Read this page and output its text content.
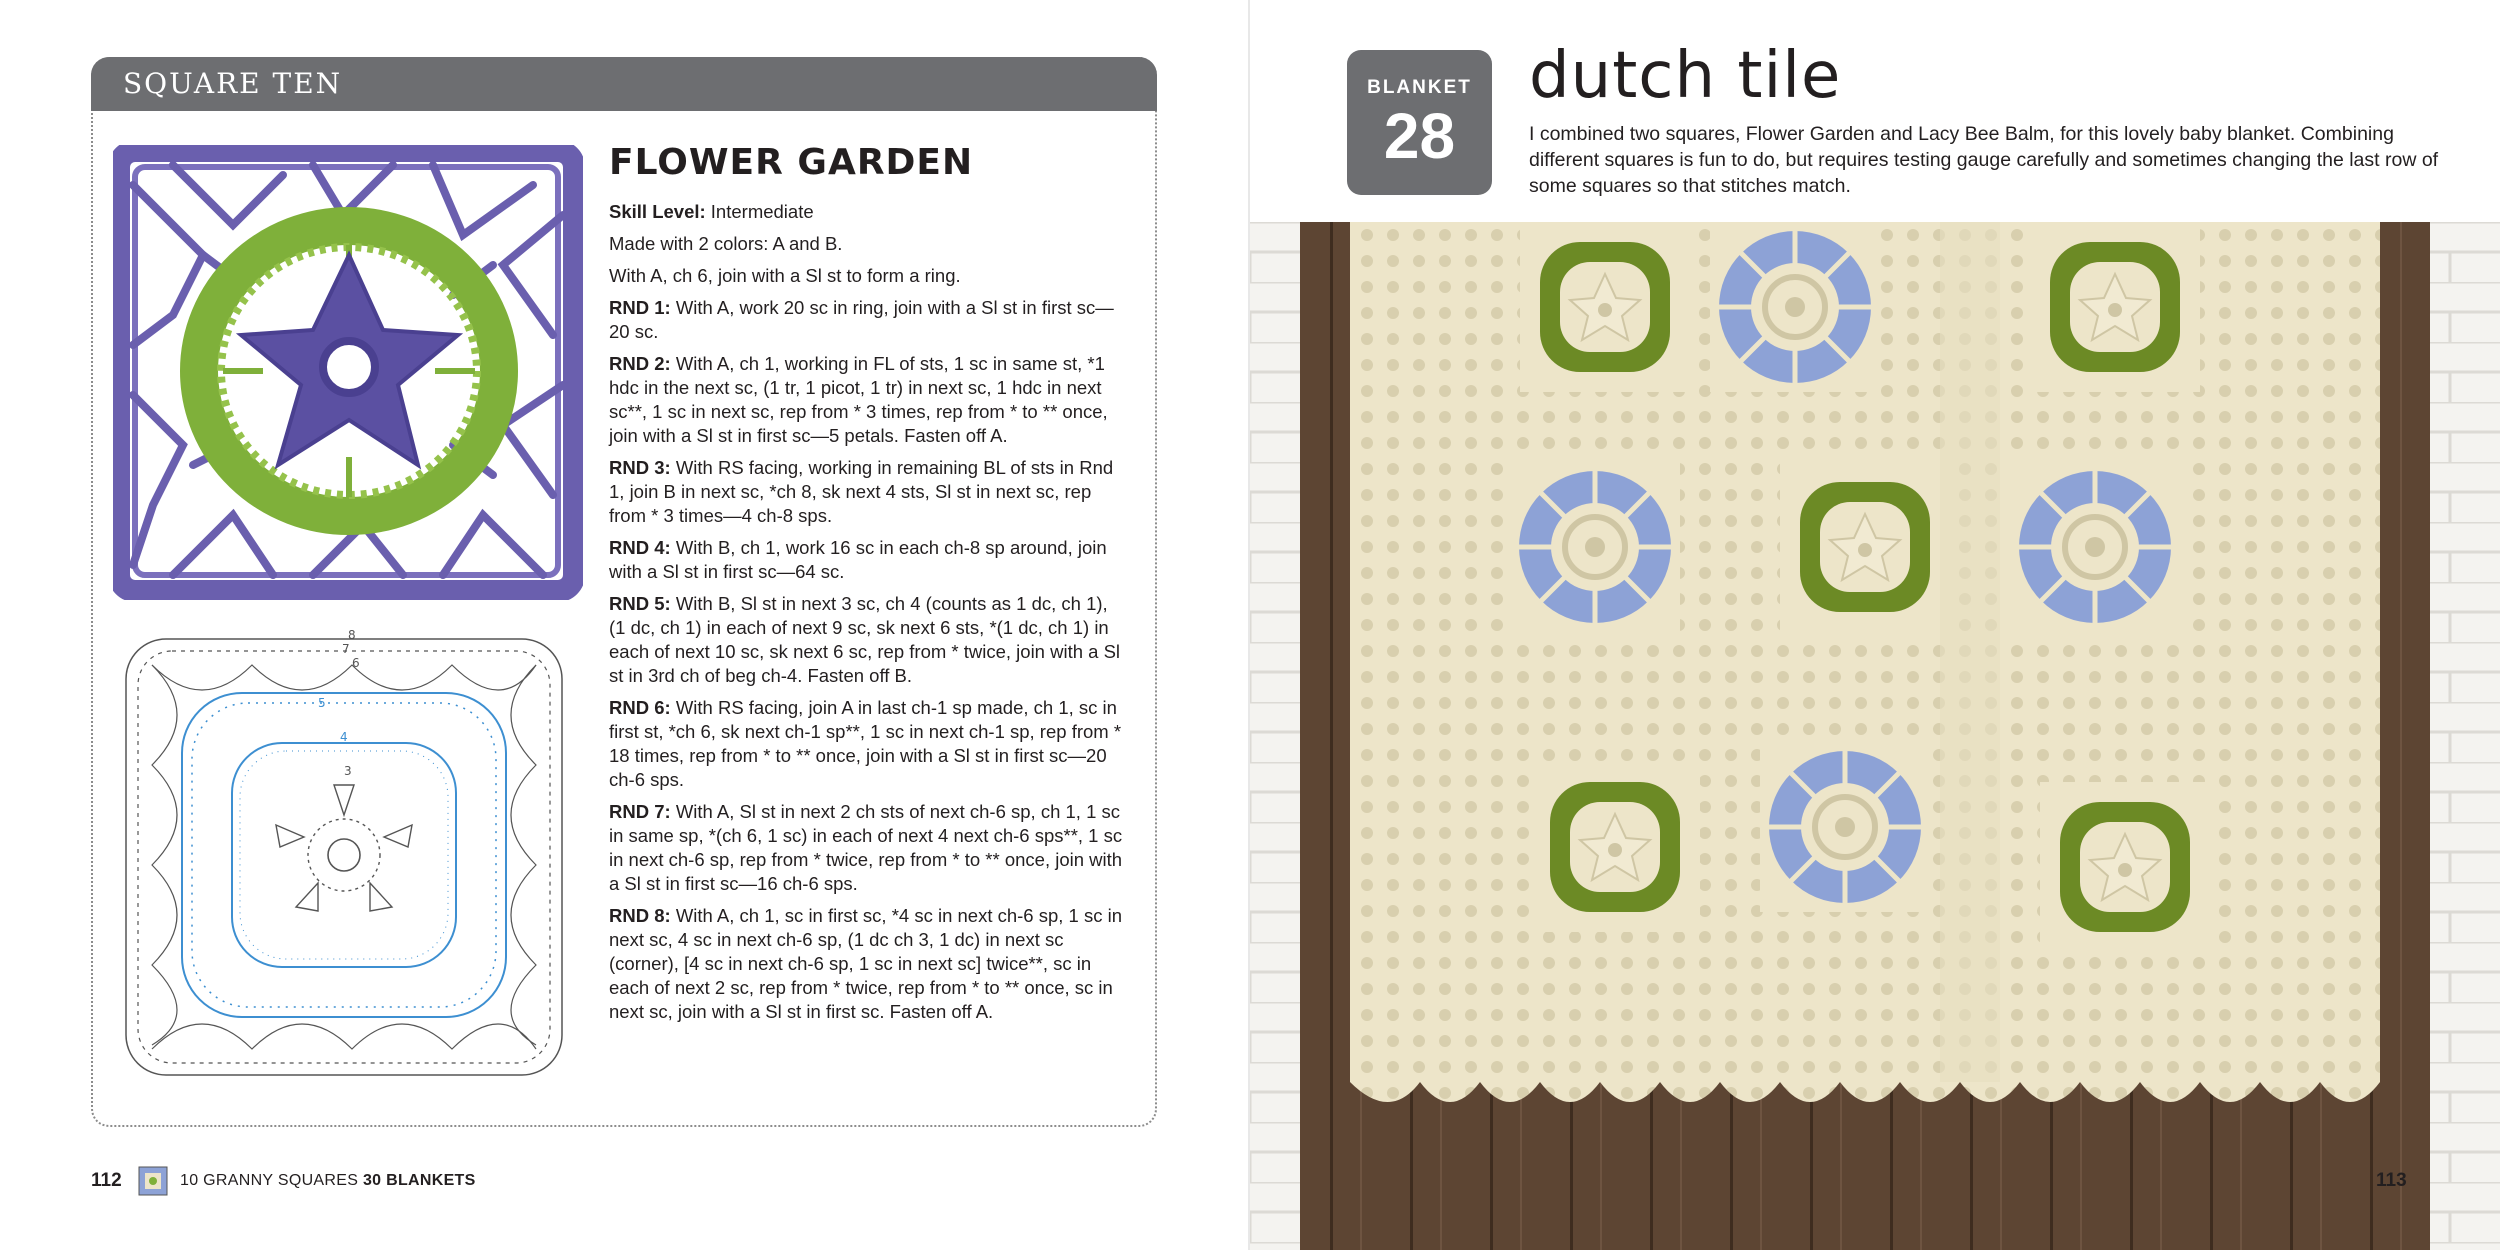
SQUARE TEN
8
7
6
5
4
3
FLOWER GARDEN

Skill Level: Intermediate

Made with 2 colors: A and B.

With A, ch 6, join with a Sl st to form a ring.

RND 1: With A, work 20 sc in ring, join with a Sl st in first sc—20 sc.

RND 2: With A, ch 1, working in FL of sts, 1 sc in same st, *1 hdc in the next sc, (1 tr, 1 picot, 1 tr) in next sc, 1 hdc in next sc**, 1 sc in next sc, rep from * 3 times, rep from * to ** once, join with a Sl st in first sc—5 petals. Fasten off A.

RND 3: With RS facing, working in remaining BL of sts in Rnd 1, join B in next sc, *ch 8, sk next 4 sts, Sl st in next sc, rep from * 3 times—4 ch-8 sps.

RND 4: With B, ch 1, work 16 sc in each ch-8 sp around, join with a Sl st in first sc—64 sc.

RND 5: With B, Sl st in next 3 sc, ch 4 (counts as 1 dc, ch 1), (1 dc, ch 1) in each of next 9 sc, sk next 6 sts, *(1 dc, ch 1) in each of next 10 sc, sk next 6 sc, rep from * twice, join with a Sl st in 3rd ch of beg ch-4. Fasten off B.

RND 6: With RS facing, join A in last ch-1 sp made, ch 1, sc in first st, *ch 6, sk next ch-1 sp**, 1 sc in next ch-1 sp, rep from * 18 times, rep from * to ** once, join with a Sl st in first sc—20 ch-6 sps.

RND 7: With A, Sl st in next 2 ch sts of next ch-6 sp, ch 1, 1 sc in same sp, *(ch 6, 1 sc) in each of next 4 next ch-6 sps**, 1 sc in next ch-6 sp, rep from * twice, rep from * to ** once, join with a Sl st in first sc—16 ch-6 sps.

RND 8: With A, ch 1, sc in first sc, *4 sc in next ch-6 sp, 1 sc in next sc, 4 sc in next ch-6 sp, (1 dc ch 3, 1 dc) in next sc (corner), [4 sc in next ch-6 sp, 1 sc in next sc] twice**, sc in each of next 2 sc, rep from * twice, rep from * to ** once, sc in next sc, join with a Sl st in first sc. Fasten off A.

112	10 GRANNY SQUARES 30 BLANKETS
BLANKET
28
dutch tile
I combined two squares, Flower Garden and Lacy Bee Balm, for this lovely baby blanket. Combining different squares is fun to do, but requires testing gauge carefully and sometimes changing the last row of some squares so that stitches match.
113
